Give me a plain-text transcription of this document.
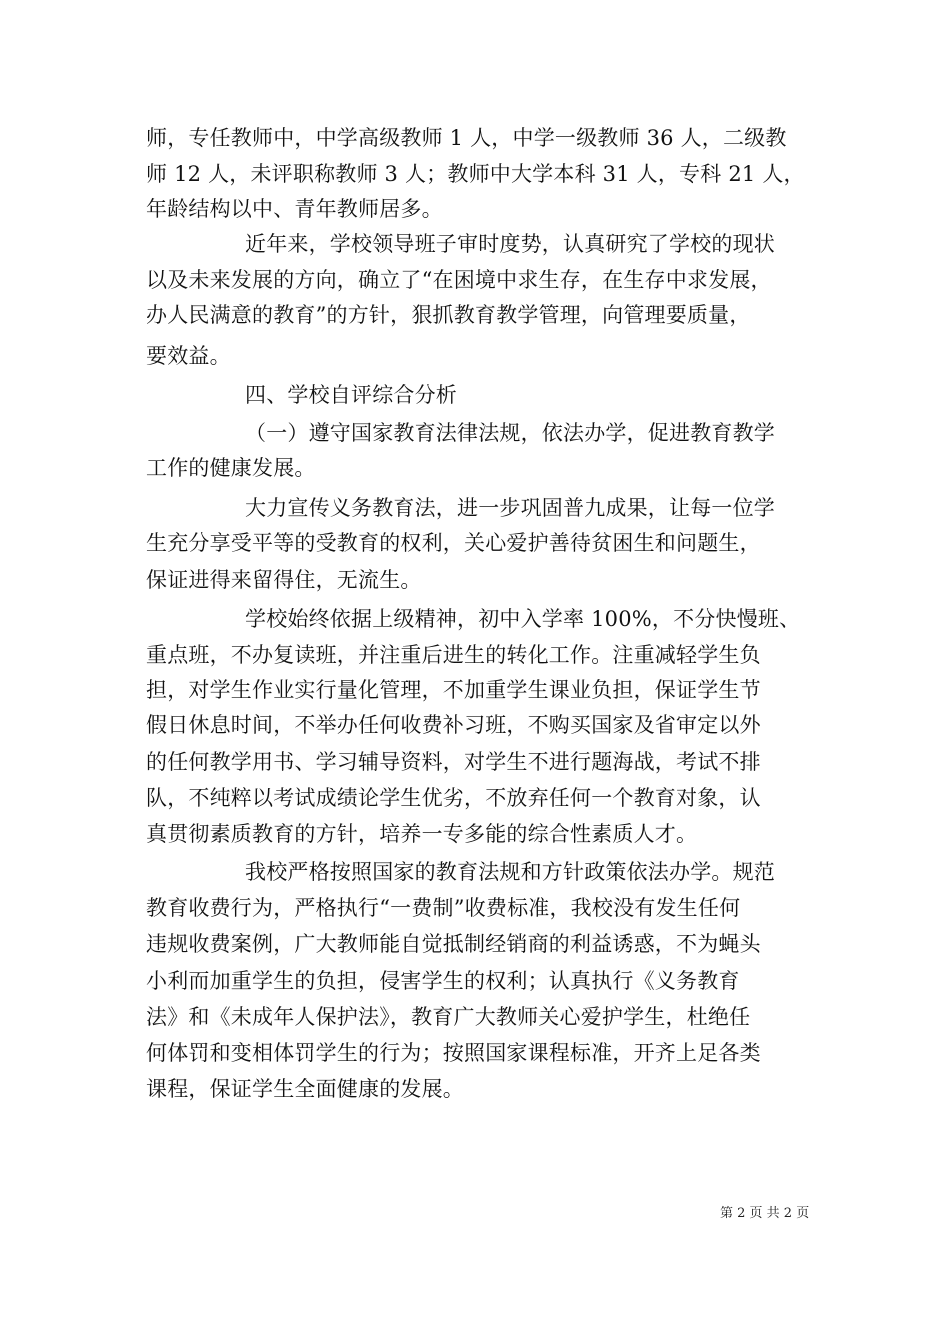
师，专任教师中，中学高级教师 1 人，中学一级教师 36 人，二级教
师 12 人，未评职称教师 3 人；教师中大学本科 31 人，专科 21 人，
年龄结构以中、青年教师居多。
近年来，学校领导班子审时度势，认真研究了学校的现状
以及未来发展的方向，确立了“在困境中求生存，在生存中求发展，
办人民满意的教育”的方针，狠抓教育教学管理，向管理要质量，
要效益。
四、学校自评综合分析
（一）遵守国家教育法律法规，依法办学，促进教育教学
工作的健康发展。
大力宣传义务教育法，进一步巩固普九成果，让每一位学
生充分享受平等的受教育的权利，关心爱护善待贫困生和问题生，
保证进得来留得住，无流生。
学校始终依据上级精神，初中入学率 100%，不分快慢班、
重点班，不办复读班，并注重后进生的转化工作。注重减轻学生负
担，对学生作业实行量化管理，不加重学生课业负担，保证学生节
假日休息时间，不举办任何收费补习班，不购买国家及省审定以外
的任何教学用书、学习辅导资料，对学生不进行题海战，考试不排
队，不纯粹以考试成绩论学生优劣，不放弃任何一个教育对象，认
真贯彻素质教育的方针，培养一专多能的综合性素质人才。
我校严格按照国家的教育法规和方针政策依法办学。规范
教育收费行为，严格执行“一费制”收费标准，我校没有发生任何
违规收费案例，广大教师能自觉抵制经销商的利益诱惑，不为蝇头
小利而加重学生的负担，侵害学生的权利；认真执行《义务教育
法》和《未成年人保护法》，教育广大教师关心爱护学生，杜绝任
何体罚和变相体罚学生的行为；按照国家课程标准，开齐上足各类
课程，保证学生全面健康的发展。
第 2 页 共 2 页
